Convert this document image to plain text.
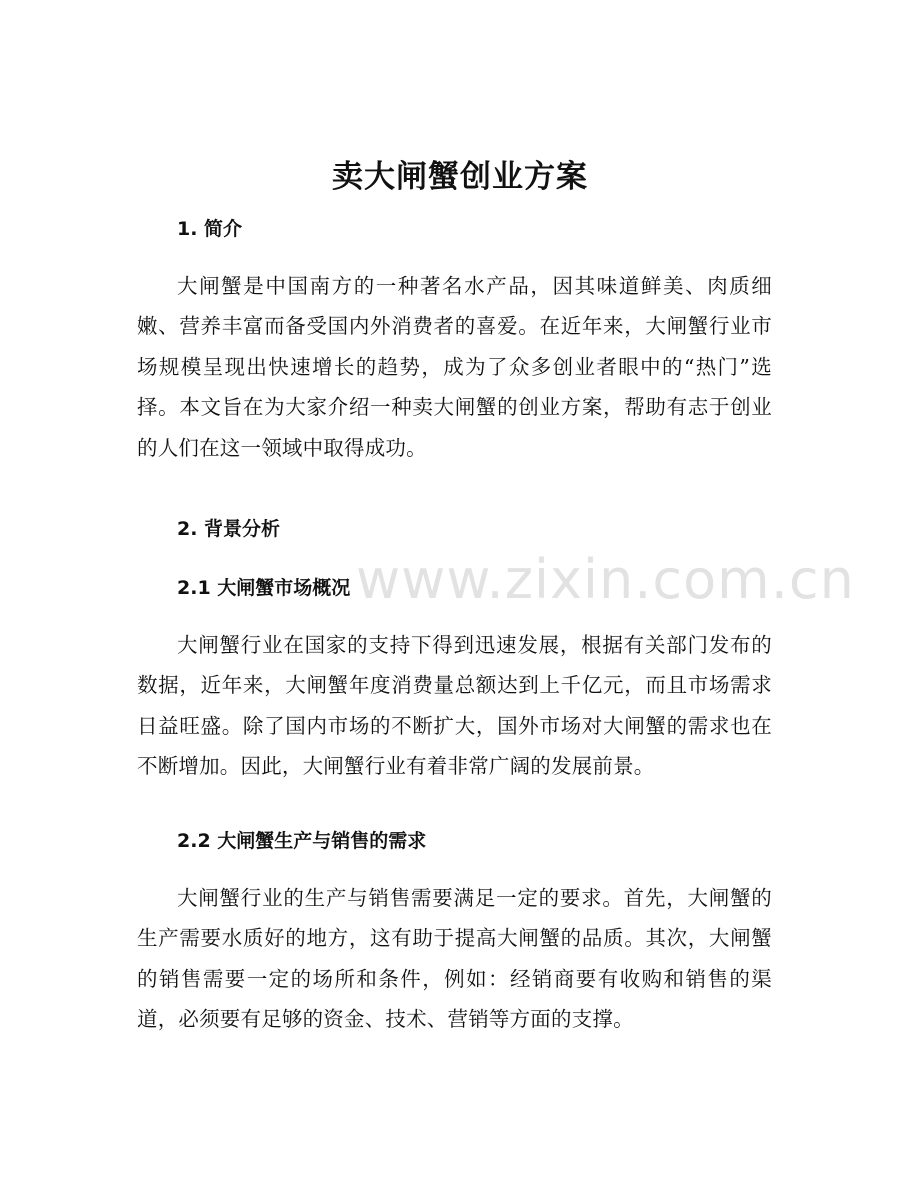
卖大闸蟹创业方案
1. 简介
大闸蟹是中国南方的一种著名水产品，因其味道鲜美、肉质细嫩、营养丰富而备受国内外消费者的喜爱。在近年来，大闸蟹行业市场规模呈现出快速增长的趋势，成为了众多创业者眼中的“热门”选择。本文旨在为大家介绍一种卖大闸蟹的创业方案，帮助有志于创业的人们在这一领域中取得成功。
2. 背景分析
2.1 大闸蟹市场概况
大闸蟹行业在国家的支持下得到迅速发展，根据有关部门发布的数据，近年来，大闸蟹年度消费量总额达到上千亿元，而且市场需求日益旺盛。除了国内市场的不断扩大，国外市场对大闸蟹的需求也在不断增加。因此，大闸蟹行业有着非常广阔的发展前景。
2.2 大闸蟹生产与销售的需求
大闸蟹行业的生产与销售需要满足一定的要求。首先，大闸蟹的生产需要水质好的地方，这有助于提高大闸蟹的品质。其次，大闸蟹的销售需要一定的场所和条件，例如：经销商要有收购和销售的渠道，必须要有足够的资金、技术、营销等方面的支撑。
www.zixin.com.cn
